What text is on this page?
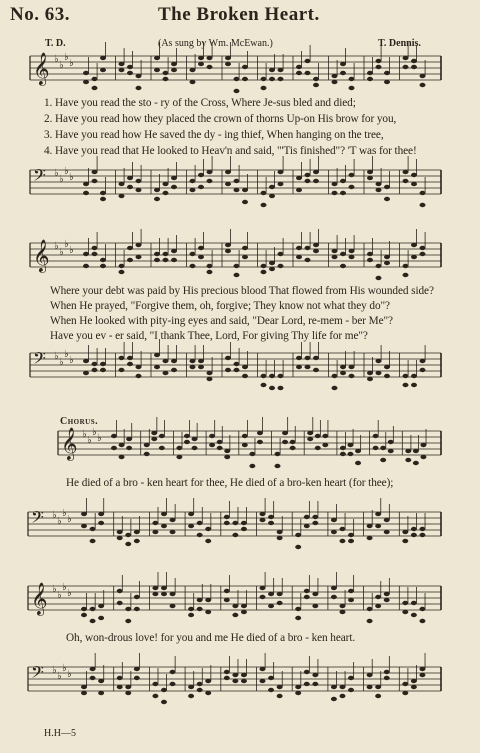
No. 63.	The Broken Heart.
T. D.	(As sung by Wm. McEwan.)	T. Dennis.
𝄞 ♭
♭
♭
♭
𝄢 ♭
♭
♭
♭
𝄞 ♭
♭
♭
♭
𝄢 ♭
♭
♭
♭
𝄞 ♭
♭
♭
♭
𝄢 ♭
♭
♭
♭
𝄞 ♭
♭
♭
♭
𝄢 ♭
♭
♭
♭
1. Have you read the sto - ry of the Cross, Where Je-sus bled and died;
2. Have you read how they placed the crown of thorns Up-on His brow for you,
3. Have you read how He saved the dy - ing thief, When hanging on the tree,
4. Have you read that He looked to Heav'n and said, "'Tis finished"? 'T was for thee!
Where your debt was paid by His precious blood That flowed from His wounded side?
When He prayed, "Forgive them, oh, forgive; They know not what they do"?
When He looked with pity-ing eyes and said, "Dear Lord, re-mem - ber Me"?
Have you ev - er said, "I thank Thee, Lord, For giving Thy life for me"?
Chorus.
He died of a bro - ken heart for thee, He died of a bro-ken heart (for thee);
Oh, won-drous love! for you and me He died of a bro - ken heart.
H.H—5
